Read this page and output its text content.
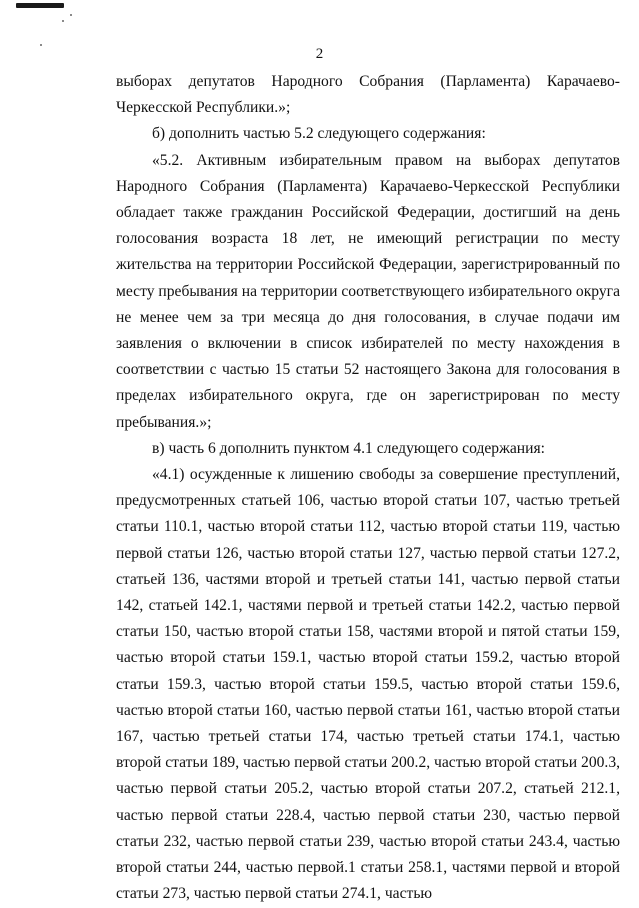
2

выборах депутатов Народного Собрания (Парламента) Карачаево-Черкесской Республики.»;

б) дополнить частью 5.2 следующего содержания:

«5.2. Активным избирательным правом на выборах депутатов Народного Собрания (Парламента) Карачаево-Черкесской Республики обладает также гражданин Российской Федерации, достигший на день голосования возраста 18 лет, не имеющий регистрации по месту жительства на территории Российской Федерации, зарегистрированный по месту пребывания на территории соответствующего избирательного округа не менее чем за три месяца до дня голосования, в случае подачи им заявления о включении в список избирателей по месту нахождения в соответствии с частью 15 статьи 52 настоящего Закона для голосования в пределах избирательного округа, где он зарегистрирован по месту пребывания.»;

в) часть 6 дополнить пунктом 4.1 следующего содержания:

«4.1) осужденные к лишению свободы за совершение преступлений, предусмотренных статьей 106, частью второй статьи 107, частью третьей статьи 110.1, частью второй статьи 112, частью второй статьи 119, частью первой статьи 126, частью второй статьи 127, частью первой статьи 127.2, статьей 136, частями второй и третьей статьи 141, частью первой статьи 142, статьей 142.1, частями первой и третьей статьи 142.2, частью первой статьи 150, частью второй статьи 158, частями второй и пятой статьи 159, частью второй статьи 159.1, частью второй статьи 159.2, частью второй статьи 159.3, частью второй статьи 159.5, частью второй статьи 159.6, частью второй статьи 160, частью первой статьи 161, частью второй статьи 167, частью третьей статьи 174, частью третьей статьи 174.1, частью второй статьи 189, частью первой статьи 200.2, частью второй статьи 200.3, частью первой статьи 205.2, частью второй статьи 207.2, статьей 212.1, частью первой статьи 228.4, частью первой статьи 230, частью первой статьи 232, частью первой статьи 239, частью второй статьи 243.4, частью второй статьи 244, частью первой.1 статьи 258.1, частями первой и второй статьи 273, частью первой статьи 274.1, частью
